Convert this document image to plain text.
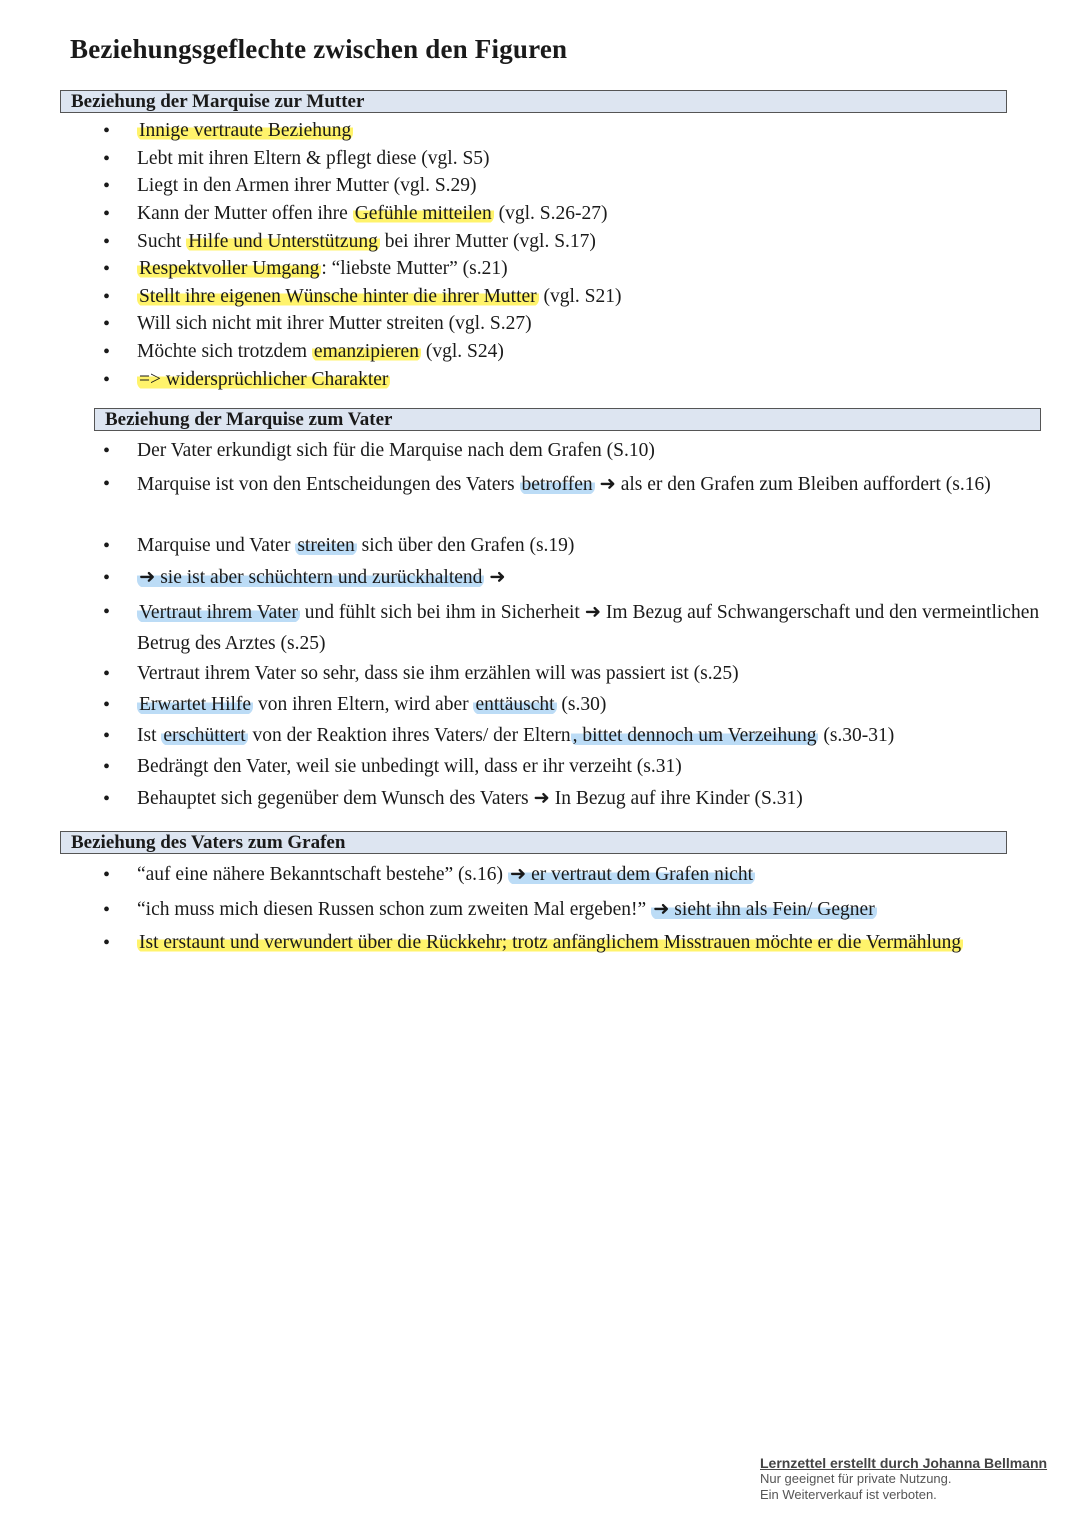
Beziehungsgeflechte zwischen den Figuren
Beziehung der Marquise zur Mutter
• Innige vertraute Beziehung
• Lebt mit ihren Eltern & pflegt diese (vgl. S5)
• Liegt in den Armen ihrer Mutter (vgl. S.29)
• Kann der Mutter offen ihre Gefühle mitteilen (vgl. S.26-27)
• Sucht Hilfe und Unterstützung bei ihrer Mutter (vgl. S.17)
• Respektvoller Umgang : “liebste Mutter” (s.21)
• Stellt ihre eigenen Wünsche hinter die ihrer Mutter (vgl. S21)
• Will sich nicht mit ihrer Mutter streiten (vgl. S.27)
• Möchte sich trotzdem emanzipieren (vgl. S24)
• => widersprüchlicher Charakter
Beziehung der Marquise zum Vater
• Der Vater erkundigt sich für die Marquise nach dem Grafen (S.10)
• Marquise ist von den Entscheidungen des Vaters betroffen ➜ als er den Grafen zum Bleiben auffordert (s.16)
• Marquise und Vater streiten sich über den Grafen (s.19)
• ➜ sie ist aber schüchtern und zurückhaltend ➜
• Vertraut ihrem Vater und fühlt sich bei ihm in Sicherheit ➜ Im Bezug auf Schwangerschaft und den vermeintlichen Betrug des Arztes (s.25)
• Vertraut ihrem Vater so sehr, dass sie ihm erzählen will was passiert ist (s.25)
• Erwartet Hilfe von ihren Eltern, wird aber enttäuscht (s.30)
• Ist erschüttert von der Reaktion ihres Vaters/ der Eltern , bittet dennoch um Verzeihung (s.30-31)
• Bedrängt den Vater, weil sie unbedingt will, dass er ihr verzeiht (s.31)
• Behauptet sich gegenüber dem Wunsch des Vaters ➜ In Bezug auf ihre Kinder (S.31)
Beziehung des Vaters zum Grafen
• “auf eine nähere Bekanntschaft bestehe” (s.16) ➜ er vertraut dem Grafen nicht
• “ich muss mich diesen Russen schon zum zweiten Mal ergeben!” ➜ sieht ihn als Fein/ Gegner
• Ist erstaunt und verwundert über die Rückkehr; trotz anfänglichem Misstrauen möchte er die Vermählung
Lernzettel erstellt durch Johanna Bellmann
Nur geeignet für private Nutzung.
Ein Weiterverkauf ist verboten.
